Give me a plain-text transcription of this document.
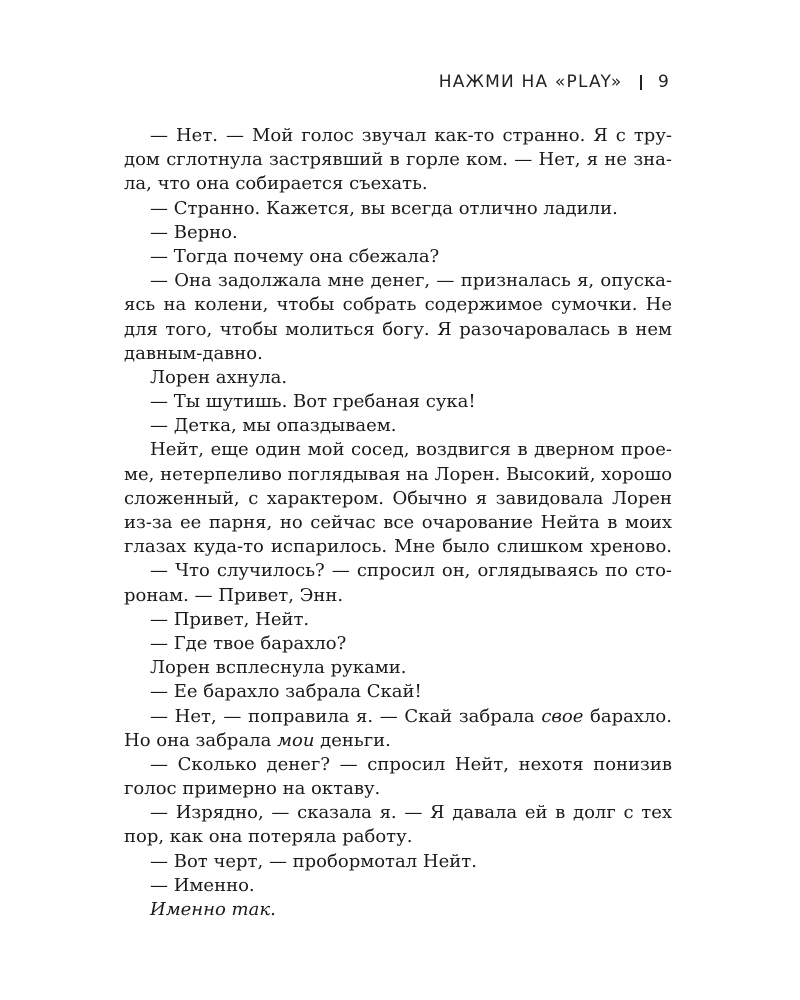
НАЖМИ НА «PLAY» 9
— Нет. — Мой голос звучал как-то странно. Я с тру-
дом сглотнула застрявший в горле ком. — Нет, я не зна-
ла, что она собирается съехать.
— Странно. Кажется, вы всегда отлично ладили.
— Верно.
— Тогда почему она сбежала?
— Она задолжала мне денег, — призналась я, опуска-
ясь на колени, чтобы собрать содержимое сумочки. Не
для того, чтобы молиться богу. Я разочаровалась в нем
давным-давно.
Лорен ахнула.
— Ты шутишь. Вот гребаная сука!
— Детка, мы опаздываем.
Нейт, еще один мой сосед, воздвигся в дверном прое-
ме, нетерпеливо поглядывая на Лорен. Высокий, хорошо
сложенный, с характером. Обычно я завидовала Лорен
из-за ее парня, но сейчас все очарование Нейта в моих
глазах куда-то испарилось. Мне было слишком хреново.
— Что случилось? — спросил он, оглядываясь по сто-
ронам. — Привет, Энн.
— Привет, Нейт.
— Где твое барахло?
Лорен всплеснула руками.
— Ее барахло забрала Скай!
— Нет, — поправила я. — Скай забрала свое барахло.
Но она забрала мои деньги.
— Сколько денег? — спросил Нейт, нехотя понизив
голос примерно на октаву.
— Изрядно, — сказала я. — Я давала ей в долг с тех
пор, как она потеряла работу.
— Вот черт, — пробормотал Нейт.
— Именно.
Именно так.
